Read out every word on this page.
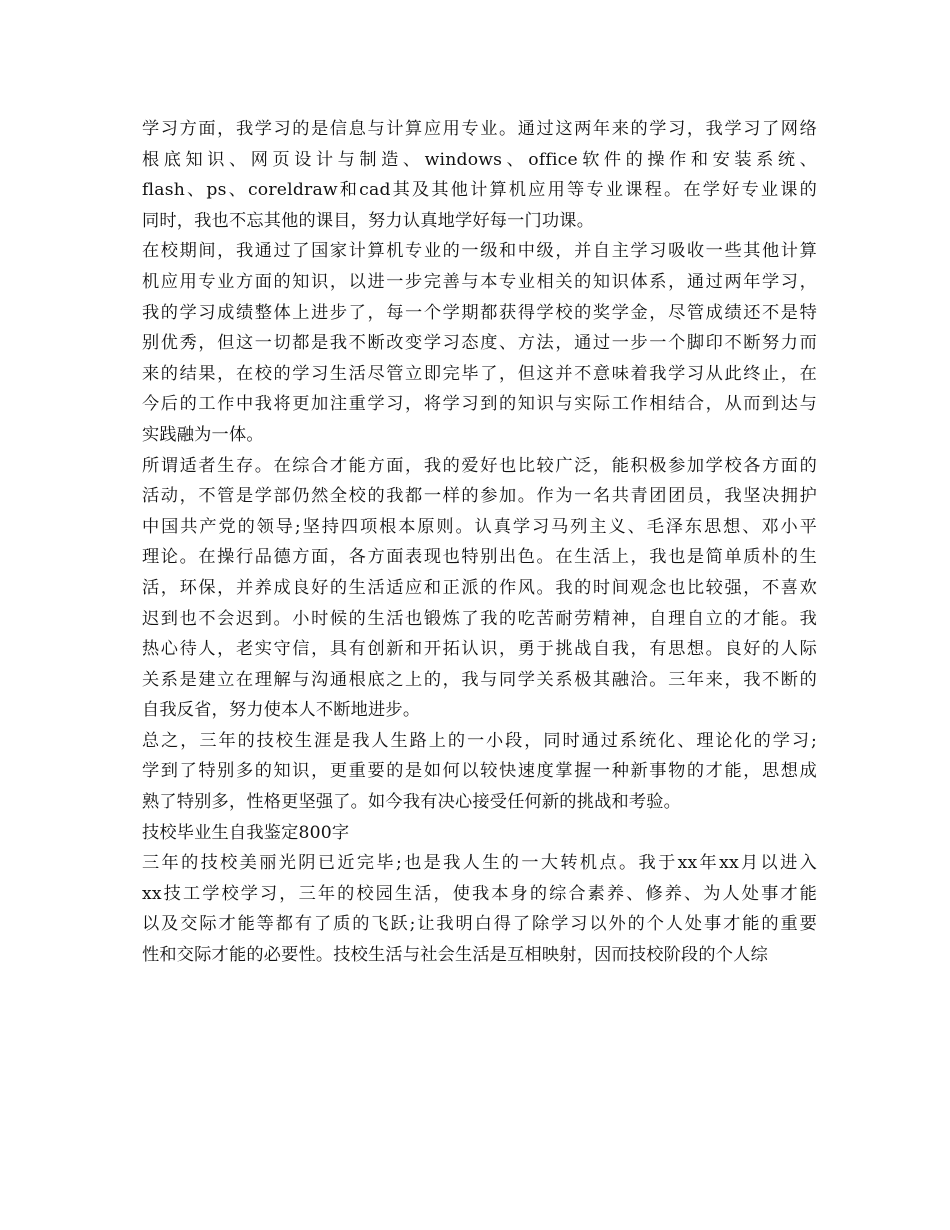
学习方面，我学习的是信息与计算应用专业。通过这两年来的学习，我学习了网络
根底知识、网页设计与制造、windows、office软件的操作和安装系统、
flash、ps、coreldraw和cad其及其他计算机应用等专业课程。在学好专业课的
同时，我也不忘其他的课目，努力认真地学好每一门功课。
在校期间，我通过了国家计算机专业的一级和中级，并自主学习吸收一些其他计算
机应用专业方面的知识，以进一步完善与本专业相关的知识体系，通过两年学习，
我的学习成绩整体上进步了，每一个学期都获得学校的奖学金，尽管成绩还不是特
别优秀，但这一切都是我不断改变学习态度、方法，通过一步一个脚印不断努力而
来的结果，在校的学习生活尽管立即完毕了，但这并不意味着我学习从此终止，在
今后的工作中我将更加注重学习，将学习到的知识与实际工作相结合，从而到达与
实践融为一体。
所谓适者生存。在综合才能方面，我的爱好也比较广泛，能积极参加学校各方面的
活动，不管是学部仍然全校的我都一样的参加。作为一名共青团团员，我坚决拥护
中国共产党的领导;坚持四项根本原则。认真学习马列主义、毛泽东思想、邓小平
理论。在操行品德方面，各方面表现也特别出色。在生活上，我也是简单质朴的生
活，环保，并养成良好的生活适应和正派的作风。我的时间观念也比较强，不喜欢
迟到也不会迟到。小时候的生活也锻炼了我的吃苦耐劳精神，自理自立的才能。我
热心待人，老实守信，具有创新和开拓认识，勇于挑战自我，有思想。良好的人际
关系是建立在理解与沟通根底之上的，我与同学关系极其融洽。三年来，我不断的
自我反省，努力使本人不断地进步。
总之，三年的技校生涯是我人生路上的一小段，同时通过系统化、理论化的学习;
学到了特别多的知识，更重要的是如何以较快速度掌握一种新事物的才能，思想成
熟了特别多，性格更坚强了。如今我有决心接受任何新的挑战和考验。
技校毕业生自我鉴定800字
三年的技校美丽光阴已近完毕;也是我人生的一大转机点。我于xx年xx月以进入
xx技工学校学习，三年的校园生活，使我本身的综合素养、修养、为人处事才能
以及交际才能等都有了质的飞跃;让我明白得了除学习以外的个人处事才能的重要
性和交际才能的必要性。技校生活与社会生活是互相映射，因而技校阶段的个人综
